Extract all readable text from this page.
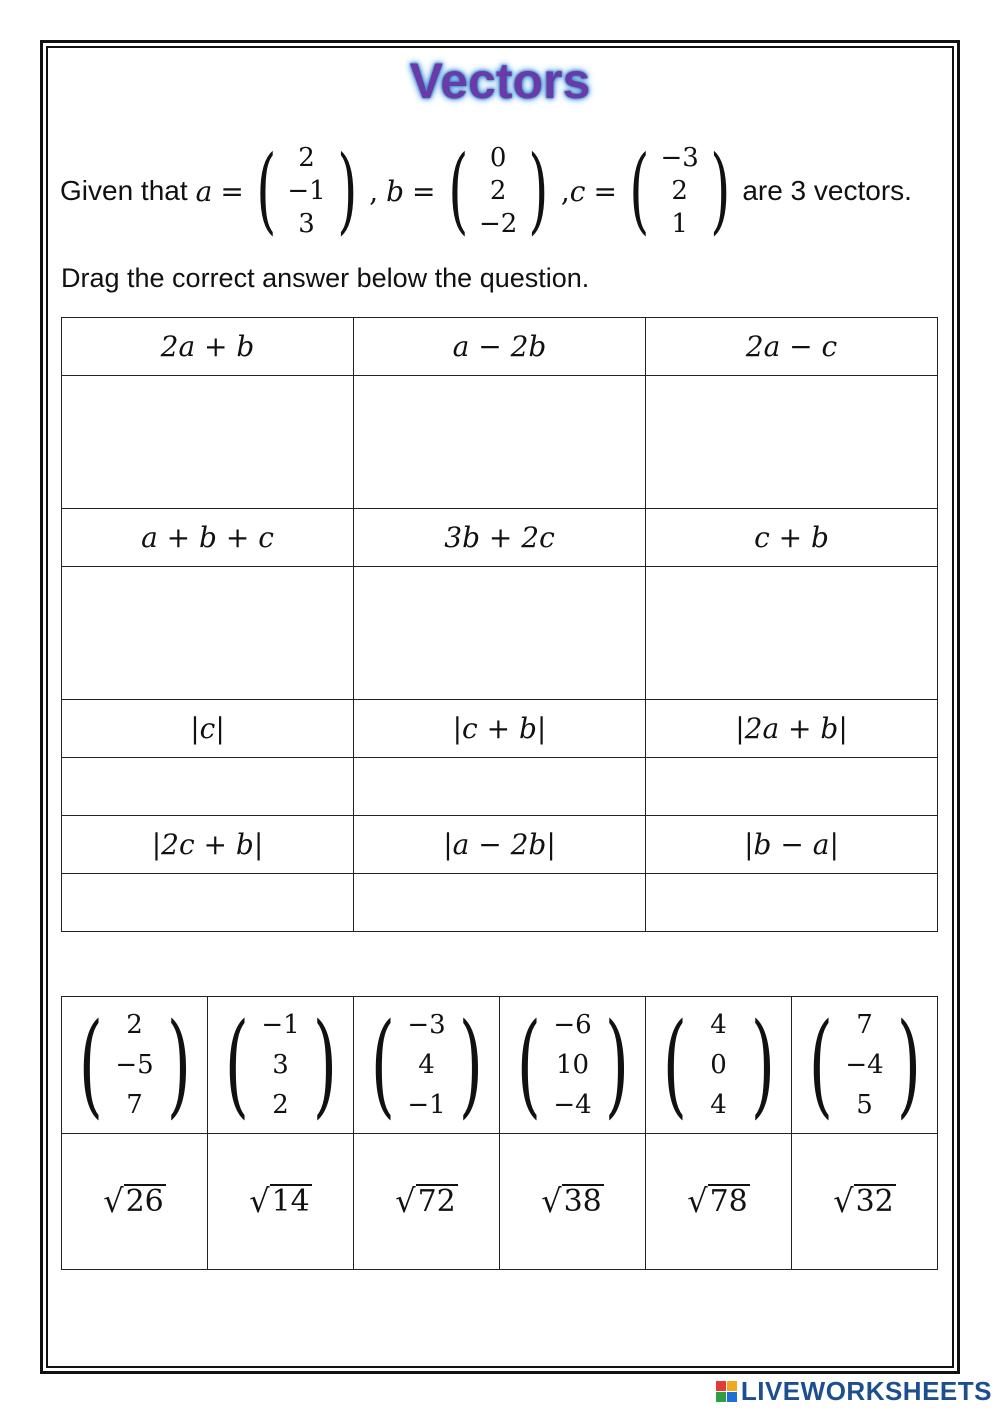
Vectors
Given that a = ( 2
−1
3 ) , b = ( 0
2
−2 ) , c = ( −3
2
1 ) are 3 vectors.
Drag the correct answer below the question.
2a + b	a − 2b	2a − c

a + b + c	3b + 2c	c + b

|c|	|c + b|	|2a + b|

|2c + b|	|a − 2b|	|b − a|

( 2
−5
7 )	( −1
3
2 )	( −3
4
−1 )	( −6
10
−4 )	( 4
0
4 )	( 7
−4
5 )

√ 26	√ 14	√ 72	√ 38	√ 78	√ 32
LIVEWORKSHEETS
